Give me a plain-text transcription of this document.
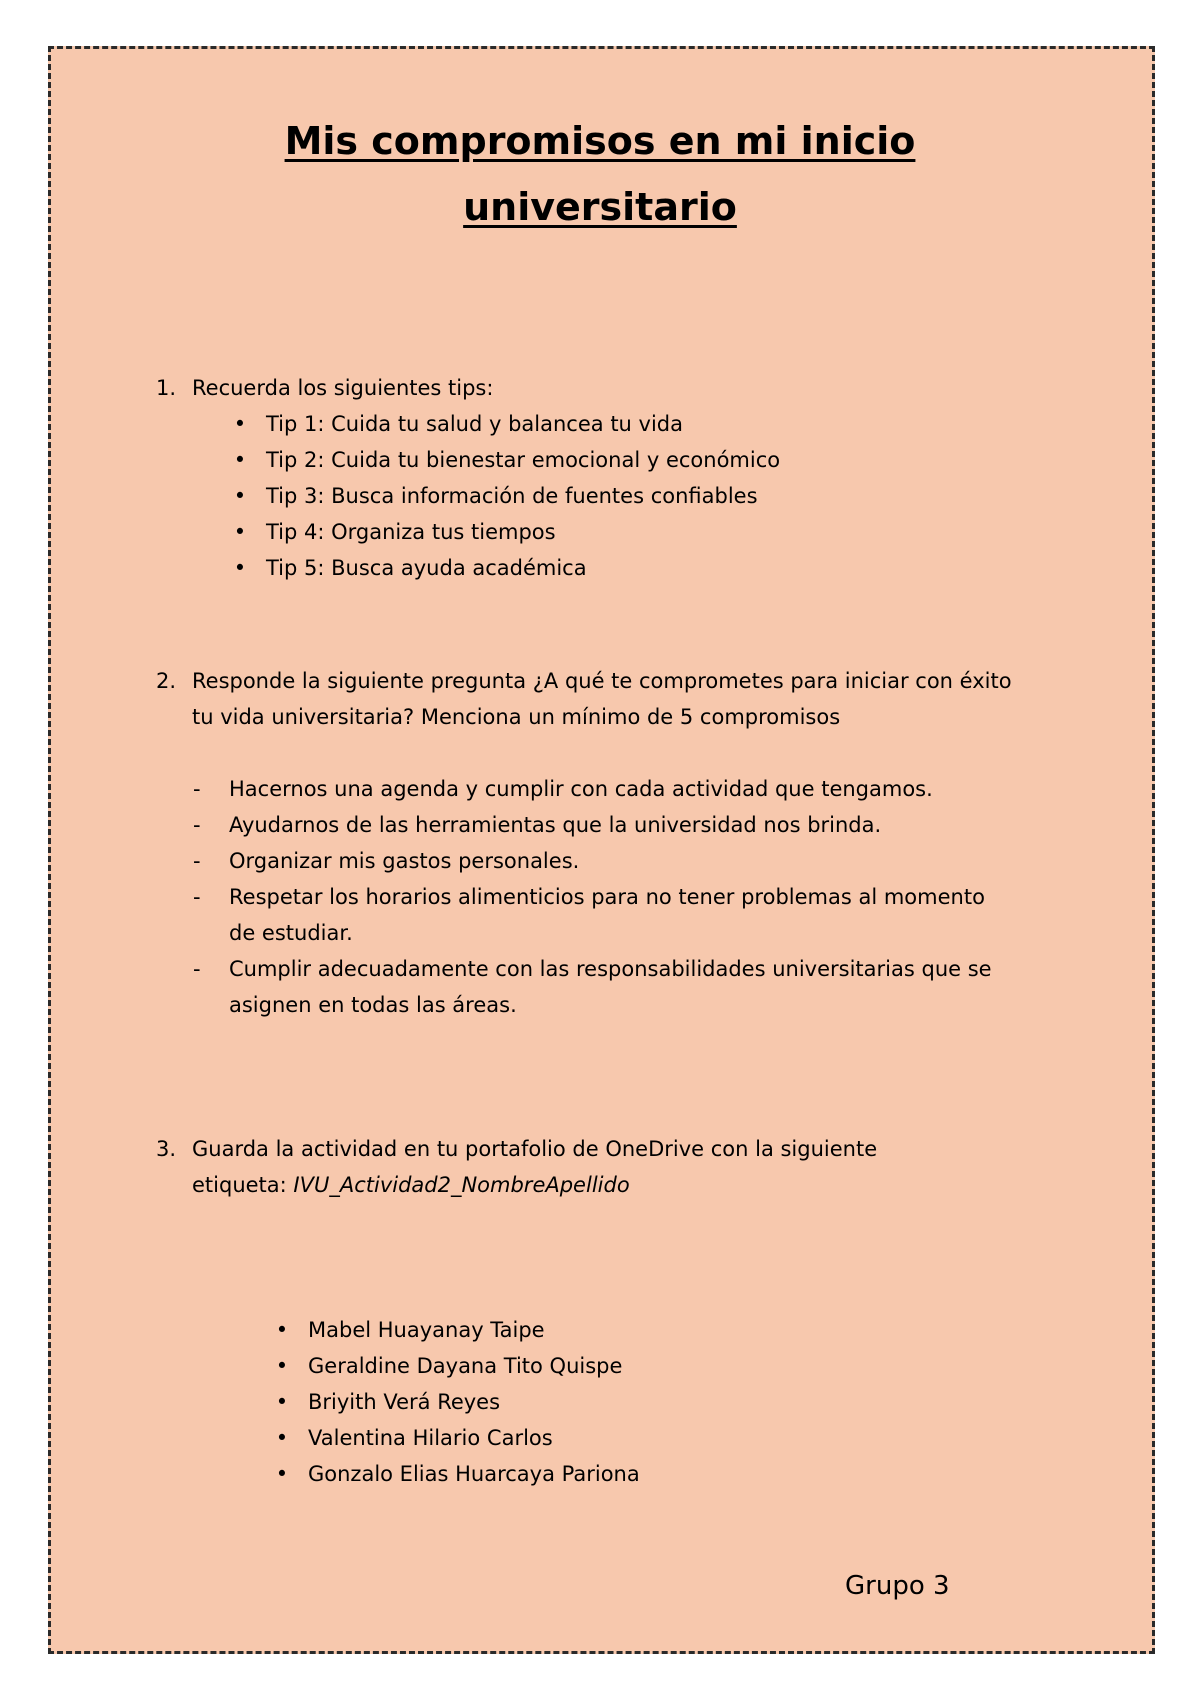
Mis compromisos en mi inicio
universitario
1. Recuerda los siguientes tips:
• Tip 1: Cuida tu salud y balancea tu vida
• Tip 2: Cuida tu bienestar emocional y económico
• Tip 3: Busca información de fuentes confiables
• Tip 4: Organiza tus tiempos
• Tip 5: Busca ayuda académica
2. Responde la siguiente pregunta ¿A qué te comprometes para iniciar con éxito tu vida universitaria? Menciona un mínimo de 5 compromisos
- Hacernos una agenda y cumplir con cada actividad que tengamos.
- Ayudarnos de las herramientas que la universidad nos brinda.
- Organizar mis gastos personales.
- Respetar los horarios alimenticios para no tener problemas al momento de estudiar.
- Cumplir adecuadamente con las responsabilidades universitarias que se asignen en todas las áreas.
3. Guarda la actividad en tu portafolio de OneDrive con la siguiente etiqueta: IVU_Actividad2_NombreApellido
• Mabel Huayanay Taipe
• Geraldine Dayana Tito Quispe
• Briyith Verá Reyes
• Valentina Hilario Carlos
• Gonzalo Elias Huarcaya Pariona
Grupo 3
